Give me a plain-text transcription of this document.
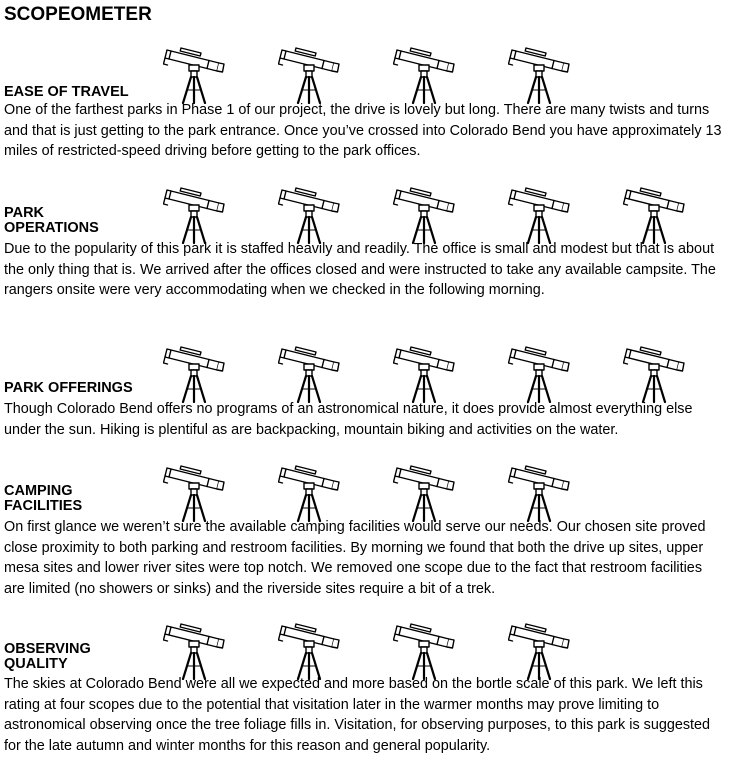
SCOPEOMETER
EASE OF TRAVEL
One of the farthest parks in Phase 1 of our project, the drive is lovely but long. There are many twists and turns and that is just getting to the park entrance. Once you’ve crossed into Colorado Bend you have approximately 13 miles of restricted-speed driving before getting to the park offices.
PARK
OPERATIONS
Due to the popularity of this park it is staffed heavily and readily. The office is small and modest but that is about the only thing that is. We arrived after the offices closed and were instructed to take any available campsite. The rangers onsite were very accommodating when we checked in the following morning.
PARK OFFERINGS
Though Colorado Bend offers no programs of an astronomical nature, it does provide almost everything else under the sun. Hiking is plentiful as are backpacking, mountain biking and activities on the water.
CAMPING
FACILITIES
On first glance we weren’t sure the available camping facilities would serve our needs. Our chosen site proved close proximity to both parking and restroom facilities. By morning we found that both the drive up sites, upper mesa sites and lower river sites were top notch. We removed one scope due to the fact that restroom facilities are limited (no showers or sinks) and the riverside sites require a bit of a trek.
OBSERVING
QUALITY
The skies at Colorado Bend were all we expected and more based on the bortle scale of this park. We left this rating at four scopes due to the potential that visitation later in the warmer months may prove limiting to astronomical observing once the tree foliage fills in. Visitation, for observing purposes, to this park is suggested for the late autumn and winter months for this reason and general popularity.
